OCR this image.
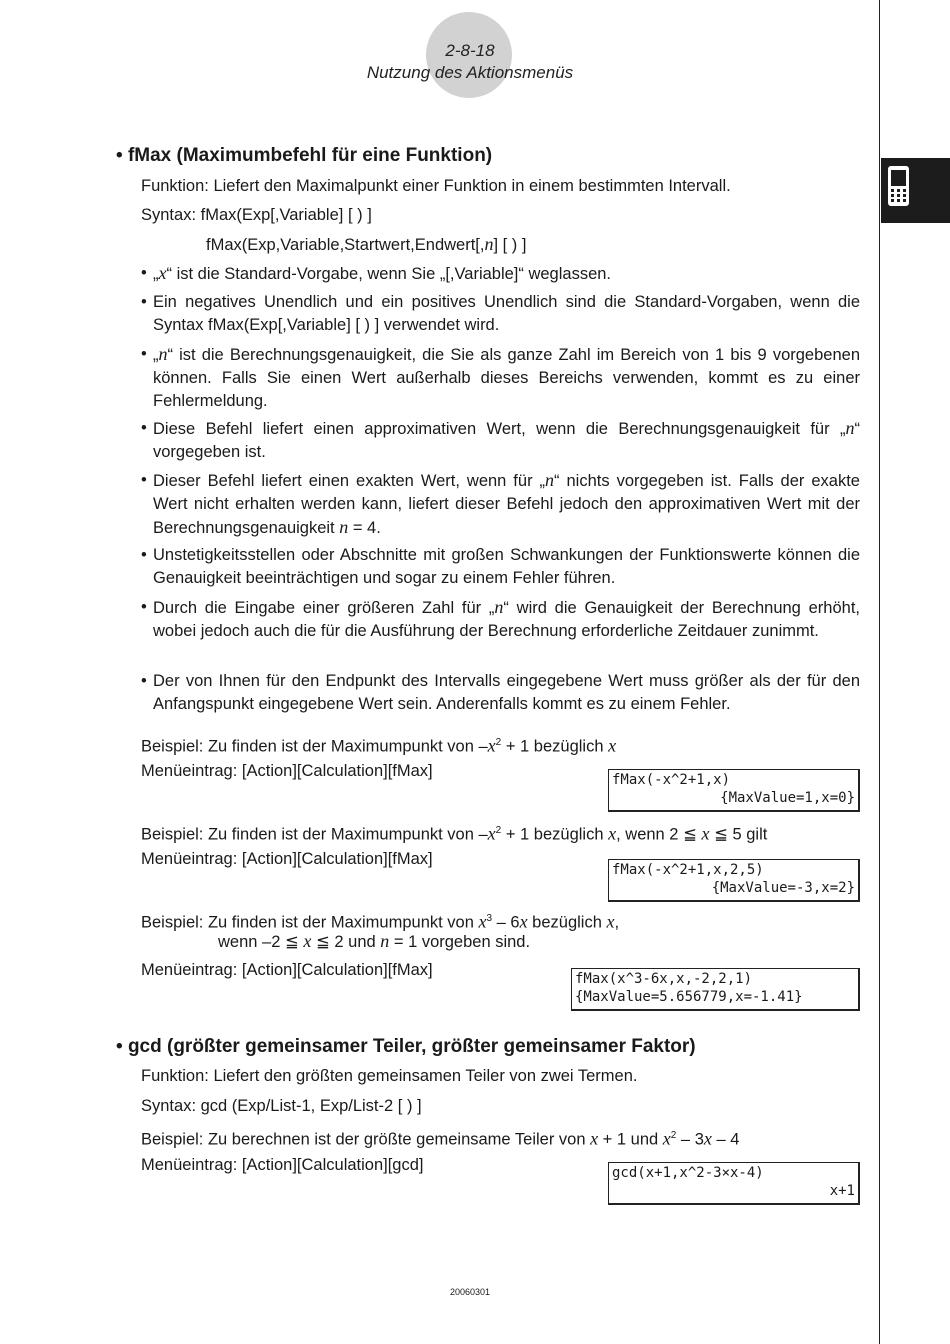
2-8-18
Nutzung des Aktionsmenüs
• fMax (Maximumbefehl für eine Funktion)
Funktion: Liefert den Maximalpunkt einer Funktion in einem bestimmten Intervall.
Syntax: fMax(Exp[,Variable] [ ) ]
fMax(Exp,Variable,Startwert,Endwert[,n] [ ) ]
• „x“ ist die Standard-Vorgabe, wenn Sie „[,Variable]“ weglassen.
• Ein negatives Unendlich und ein positives Unendlich sind die Standard-Vorgaben, wenn die Syntax fMax(Exp[,Variable] [ ) ] verwendet wird.
• „n“ ist die Berechnungsgenauigkeit, die Sie als ganze Zahl im Bereich von 1 bis 9 vorgebenen können. Falls Sie einen Wert außerhalb dieses Bereichs verwenden, kommt es zu einer Fehlermeldung.
• Diese Befehl liefert einen approximativen Wert, wenn die Berechnungsgenauigkeit für „n“ vorgegeben ist.
• Dieser Befehl liefert einen exakten Wert, wenn für „n“ nichts vorgegeben ist. Falls der exakte Wert nicht erhalten werden kann, liefert dieser Befehl jedoch den approximativen Wert mit der Berechnungsgenauigkeit n = 4.
• Unstetigkeitsstellen oder Abschnitte mit großen Schwankungen der Funktionswerte können die Genauigkeit beeinträchtigen und sogar zu einem Fehler führen.
• Durch die Eingabe einer größeren Zahl für „n“ wird die Genauigkeit der Berechnung erhöht, wobei jedoch auch die für die Ausführung der Berechnung erforderliche Zeitdauer zunimmt.
• Der von Ihnen für den Endpunkt des Intervalls eingegebene Wert muss größer als der für den Anfangspunkt eingegebene Wert sein. Anderenfalls kommt es zu einem Fehler.
Beispiel: Zu finden ist der Maximumpunkt von $-x^2 + 1$ bezüglich x
Menüeintrag: [Action][Calculation][fMax]	fMax(-x^2+1,x)
{MaxValue=1,x=0}
Beispiel: Zu finden ist der Maximumpunkt von $-x^2 + 1$ bezüglich x, wenn 2 ≦ x ≦ 5 gilt
Menüeintrag: [Action][Calculation][fMax]
fMax(-x^2+1,x,2,5)
{MaxValue=-3,x=2}
Beispiel: Zu finden ist der Maximumpunkt von $x^3 - 6x$ bezüglich x,
wenn –2 ≦ x ≦ 2 und n = 1 vorgeben sind.
Menüeintrag: [Action][Calculation][fMax]	fMax(x^3-6x,x,-2,2,1)
{MaxValue=5.656779,x=-1.41}
• gcd (größter gemeinsamer Teiler, größter gemeinsamer Faktor)
Funktion: Liefert den größten gemeinsamen Teiler von zwei Termen.
Syntax: gcd (Exp/List-1, Exp/List-2 [ ) ]
Beispiel: Zu berechnen ist der größte gemeinsame Teiler von x + 1 und $x^2 - 3x - 4$
Menüeintrag: [Action][Calculation][gcd]	gcd(x+1,x^2-3×x-4)
x+1
20060301
